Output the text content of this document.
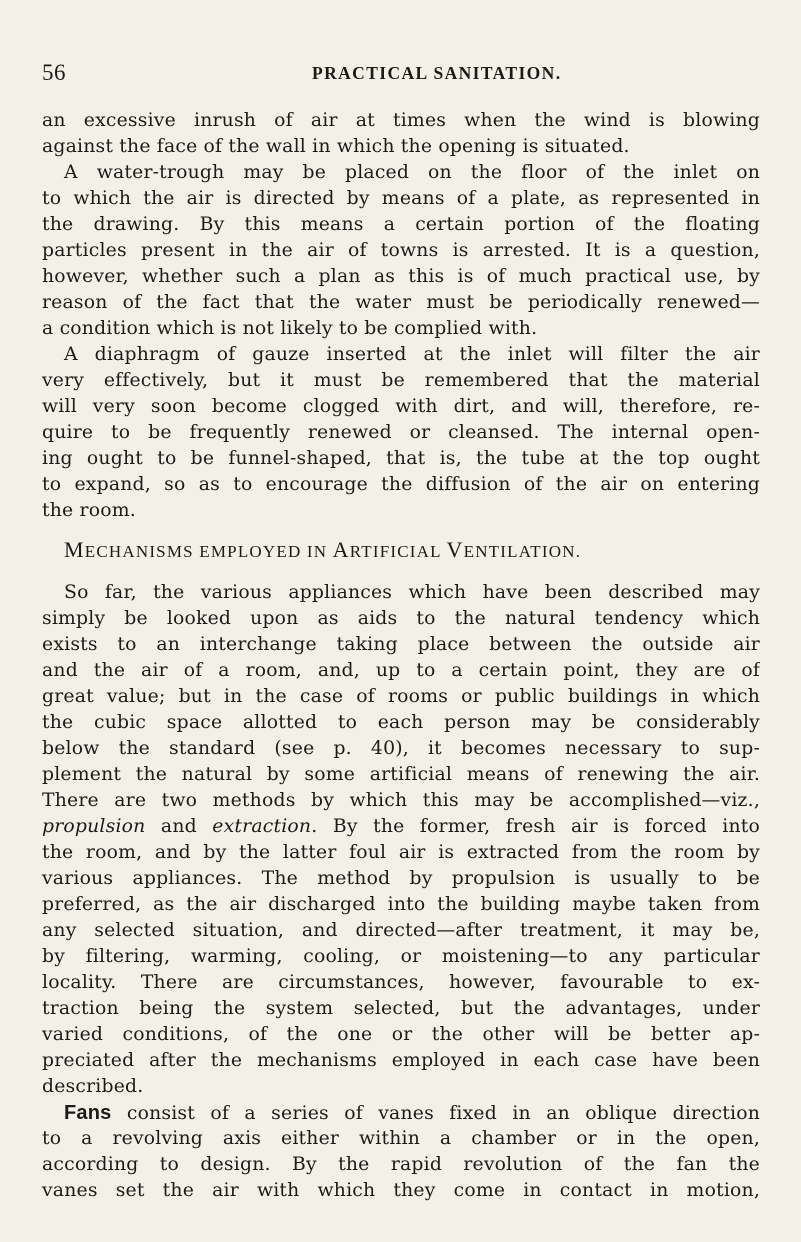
56	PRACTICAL SANITATION.
an excessive inrush of air at times when the wind is blowing
against the face of the wall in which the opening is situated.
A water-trough may be placed on the floor of the inlet on
to which the air is directed by means of a plate, as represented in
the drawing. By this means a certain portion of the floating
particles present in the air of towns is arrested. It is a question,
however, whether such a plan as this is of much practical use, by
reason of the fact that the water must be periodically renewed—
a condition which is not likely to be complied with.
A diaphragm of gauze inserted at the inlet will filter the air
very effectively, but it must be remembered that the material
will very soon become clogged with dirt, and will, therefore, re-
quire to be frequently renewed or cleansed. The internal open-
ing ought to be funnel-shaped, that is, the tube at the top ought
to expand, so as to encourage the diffusion of the air on entering
the room.
MECHANISMS EMPLOYED IN ARTIFICIAL VENTILATION.
So far, the various appliances which have been described may
simply be looked upon as aids to the natural tendency which
exists to an interchange taking place between the outside air
and the air of a room, and, up to a certain point, they are of
great value; but in the case of rooms or public buildings in which
the cubic space allotted to each person may be considerably
below the standard (see p. 40), it becomes necessary to sup-
plement the natural by some artificial means of renewing the air.
There are two methods by which this may be accomplished—viz.,
propulsion and extraction. By the former, fresh air is forced into
the room, and by the latter foul air is extracted from the room by
various appliances. The method by propulsion is usually to be
preferred, as the air discharged into the building maybe taken from
any selected situation, and directed—after treatment, it may be,
by filtering, warming, cooling, or moistening—to any particular
locality. There are circumstances, however, favourable to ex-
traction being the system selected, but the advantages, under
varied conditions, of the one or the other will be better ap-
preciated after the mechanisms employed in each case have been
described.
Fans consist of a series of vanes fixed in an oblique direction
to a revolving axis either within a chamber or in the open,
according to design. By the rapid revolution of the fan the
vanes set the air with which they come in contact in motion,
